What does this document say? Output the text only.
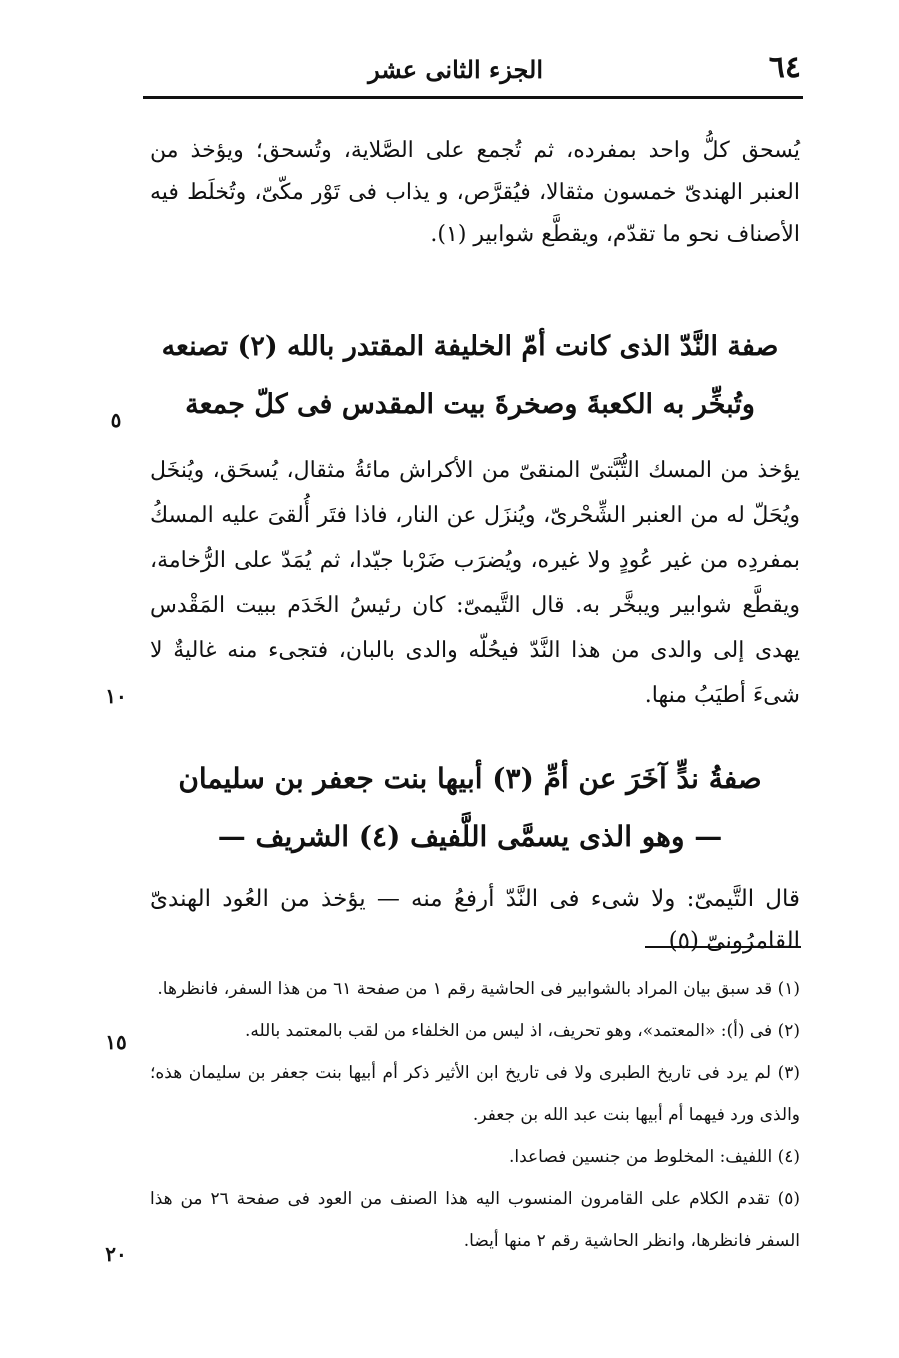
٦٤
الجزء الثانى عشر
يُسحق كلُّ واحد بمفرده، ثم تُجمع على الصَّلاية، وتُسحق؛ ويؤخذ من العنبر الهندىّ خمسون مثقالا، فيُقرَّص، و يذاب فى تَوْر مكّىّ، وتُخلَط فيه الأصناف نحو ما تقدّم، ويقطَّع شوابير (١).
صفة النَّدّ الذى كانت أمّ الخليفة المقتدر بالله (٢) تصنعه وتُبخِّر به الكعبةَ وصخرةَ بيت المقدس فى كلّ جمعة
يؤخذ من المسك التُّبَّتىّ المنقىّ من الأكراش مائةُ مثقال، يُسحَق، ويُنخَل ويُحَلّ له من العنبر الشِّحْرىّ، ويُنزَل عن النار، فاذا فتَر أُلقىَ عليه المسكُ بمفردِه من غير عُودٍ ولا غيره، ويُضرَب ضَرْبا جيّدا، ثم يُمَدّ على الرُّخامة، ويقطَّع شوابير ويبخَّر به. قال التَّيمىّ: كان رئيسُ الخَدَم ببيت المَقْدس يهدى إلى والدى من هذا النَّدّ فيحُلّه والدى بالبان، فتجىء منه غاليةٌ لا شىءَ أطيَبُ منها.
صفةُ ندٍّ آخَرَ عن أمِّ (٣) أبيها بنت جعفر بن سليمان
— وهو الذى يسمَّى اللَّفيف (٤) الشريف —
قال التَّيمىّ: ولا شىء فى النَّدّ أرفعُ منه — يؤخذ من العُود الهندىّ القامرُونىّ (٥)
(١) قد سبق بيان المراد بالشوابير فى الحاشية رقم ١ من صفحة ٦١ من هذا السفر، فانظرها.
(٢) فى (أ): «المعتمد»، وهو تحريف، اذ ليس من الخلفاء من لقب بالمعتمد بالله.
(٣) لم يرد فى تاريخ الطبرى ولا فى تاريخ ابن الأثير ذكر أم أبيها بنت جعفر بن سليمان هذه؛ والذى ورد فيهما أم أبيها بنت عبد الله بن جعفر.
(٤) اللفيف: المخلوط من جنسين فصاعدا.
(٥) تقدم الكلام على القامرون المنسوب اليه هذا الصنف من العود فى صفحة ٢٦ من هذا السفر فانظرها، وانظر الحاشية رقم ٢ منها أيضا.
٥
١٠
١٥
٢٠
